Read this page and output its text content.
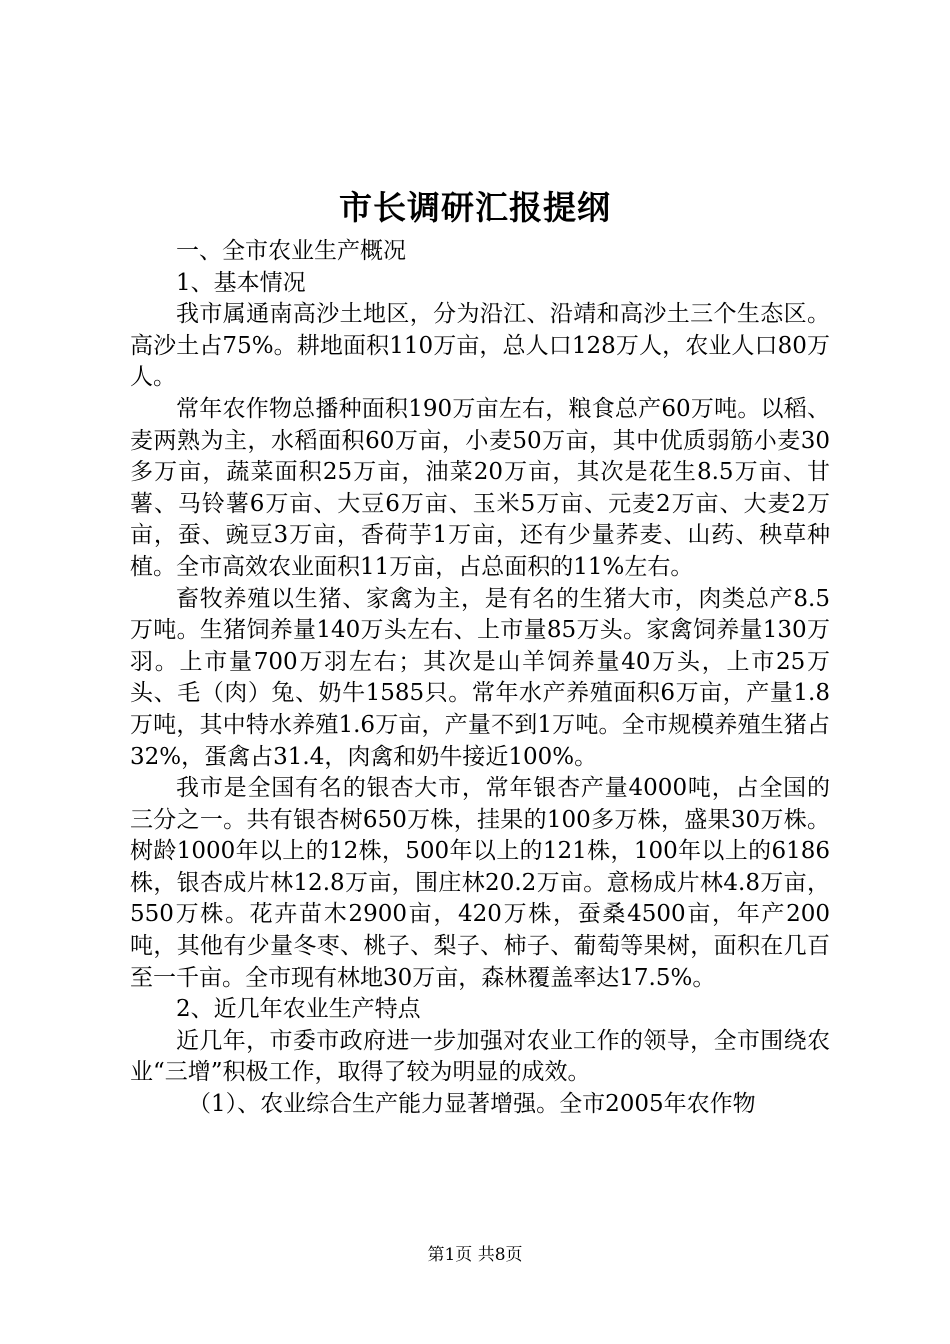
市长调研汇报提纲

一、全市农业生产概况

1、基本情况

我市属通南高沙土地区，分为沿江、沿靖和高沙土三个生态区。高沙土占75%。耕地面积110万亩，总人口128万人，农业人口80万人。

常年农作物总播种面积190万亩左右，粮食总产60万吨。以稻、麦两熟为主，水稻面积60万亩，小麦50万亩，其中优质弱筋小麦30多万亩，蔬菜面积25万亩，油菜20万亩，其次是花生8.5万亩、甘薯、马铃薯6万亩、大豆6万亩、玉米5万亩、元麦2万亩、大麦2万亩，蚕、豌豆3万亩，香荷芋1万亩，还有少量荞麦、山药、秧草种植。全市高效农业面积11万亩，占总面积的11%左右。

畜牧养殖以生猪、家禽为主，是有名的生猪大市，肉类总产8.5万吨。生猪饲养量140万头左右、上市量85万头。家禽饲养量130万羽。上市量700万羽左右；其次是山羊饲养量40万头，上市25万头、毛（肉）兔、奶牛1585只。常年水产养殖面积6万亩，产量1.8万吨，其中特水养殖1.6万亩，产量不到1万吨。全市规模养殖生猪占32%，蛋禽占31.4，肉禽和奶牛接近100%。

我市是全国有名的银杏大市，常年银杏产量4000吨，占全国的三分之一。共有银杏树650万株，挂果的100多万株，盛果30万株。树龄1000年以上的12株，500年以上的121株，100年以上的6186株，银杏成片林12.8万亩，围庄林20.2万亩。意杨成片林4.8万亩，550万株。花卉苗木2900亩，420万株，蚕桑4500亩，年产200吨，其他有少量冬枣、桃子、梨子、柿子、葡萄等果树，面积在几百至一千亩。全市现有林地30万亩，森林覆盖率达17.5%。

2、近几年农业生产特点

近几年，市委市政府进一步加强对农业工作的领导，全市围绕农业“三增”积极工作，取得了较为明显的成效。

（1）、农业综合生产能力显著增强。全市2005年农作物

第1页 共8页
